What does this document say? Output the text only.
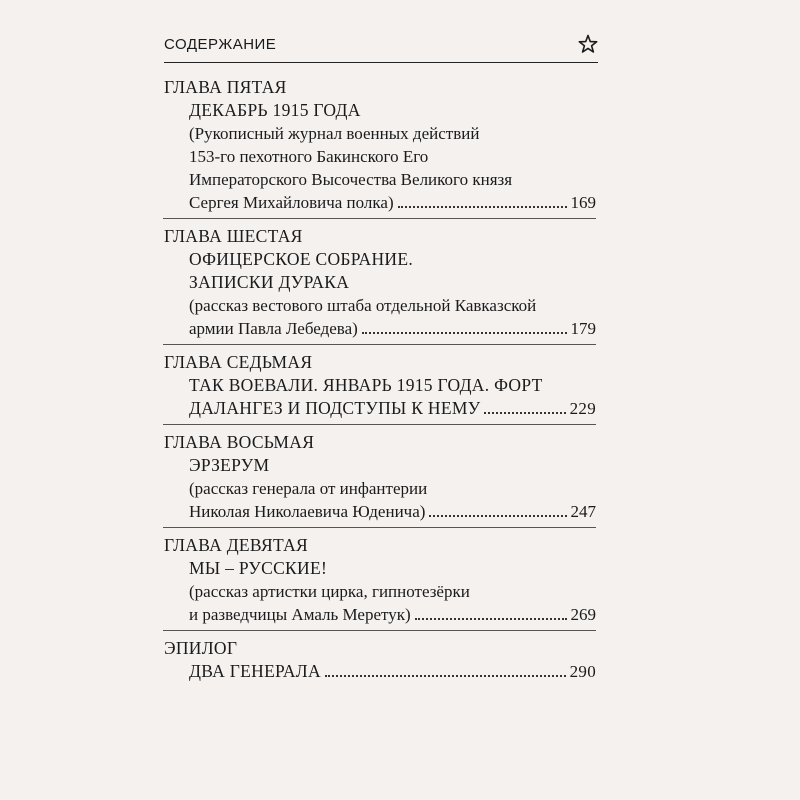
СОДЕРЖАНИЕ
ГЛАВА ПЯТАЯ
ДЕКАБРЬ 1915 ГОДА
(Рукописный журнал военных действий
153-го пехотного Бакинского Его
Императорского Высочества Великого князя
Сергея Михайловича полка)	169
ГЛАВА ШЕСТАЯ
ОФИЦЕРСКОЕ СОБРАНИЕ.
ЗАПИСКИ ДУРАКА
(рассказ вестового штаба отдельной Кавказской
армии Павла Лебедева)	179
ГЛАВА СЕДЬМАЯ
ТАК ВОЕВАЛИ. ЯНВАРЬ 1915 ГОДА. ФОРТ
ДАЛАНГЕЗ И ПОДСТУПЫ К НЕМУ	229
ГЛАВА ВОСЬМАЯ
ЭРЗЕРУМ
(рассказ генерала от инфантерии
Николая Николаевича Юденича)	247
ГЛАВА ДЕВЯТАЯ
МЫ – РУССКИЕ!
(рассказ артистки цирка, гипнотезёрки
и разведчицы Амаль Меретук)	269
ЭПИЛОГ
ДВА ГЕНЕРАЛА	290
